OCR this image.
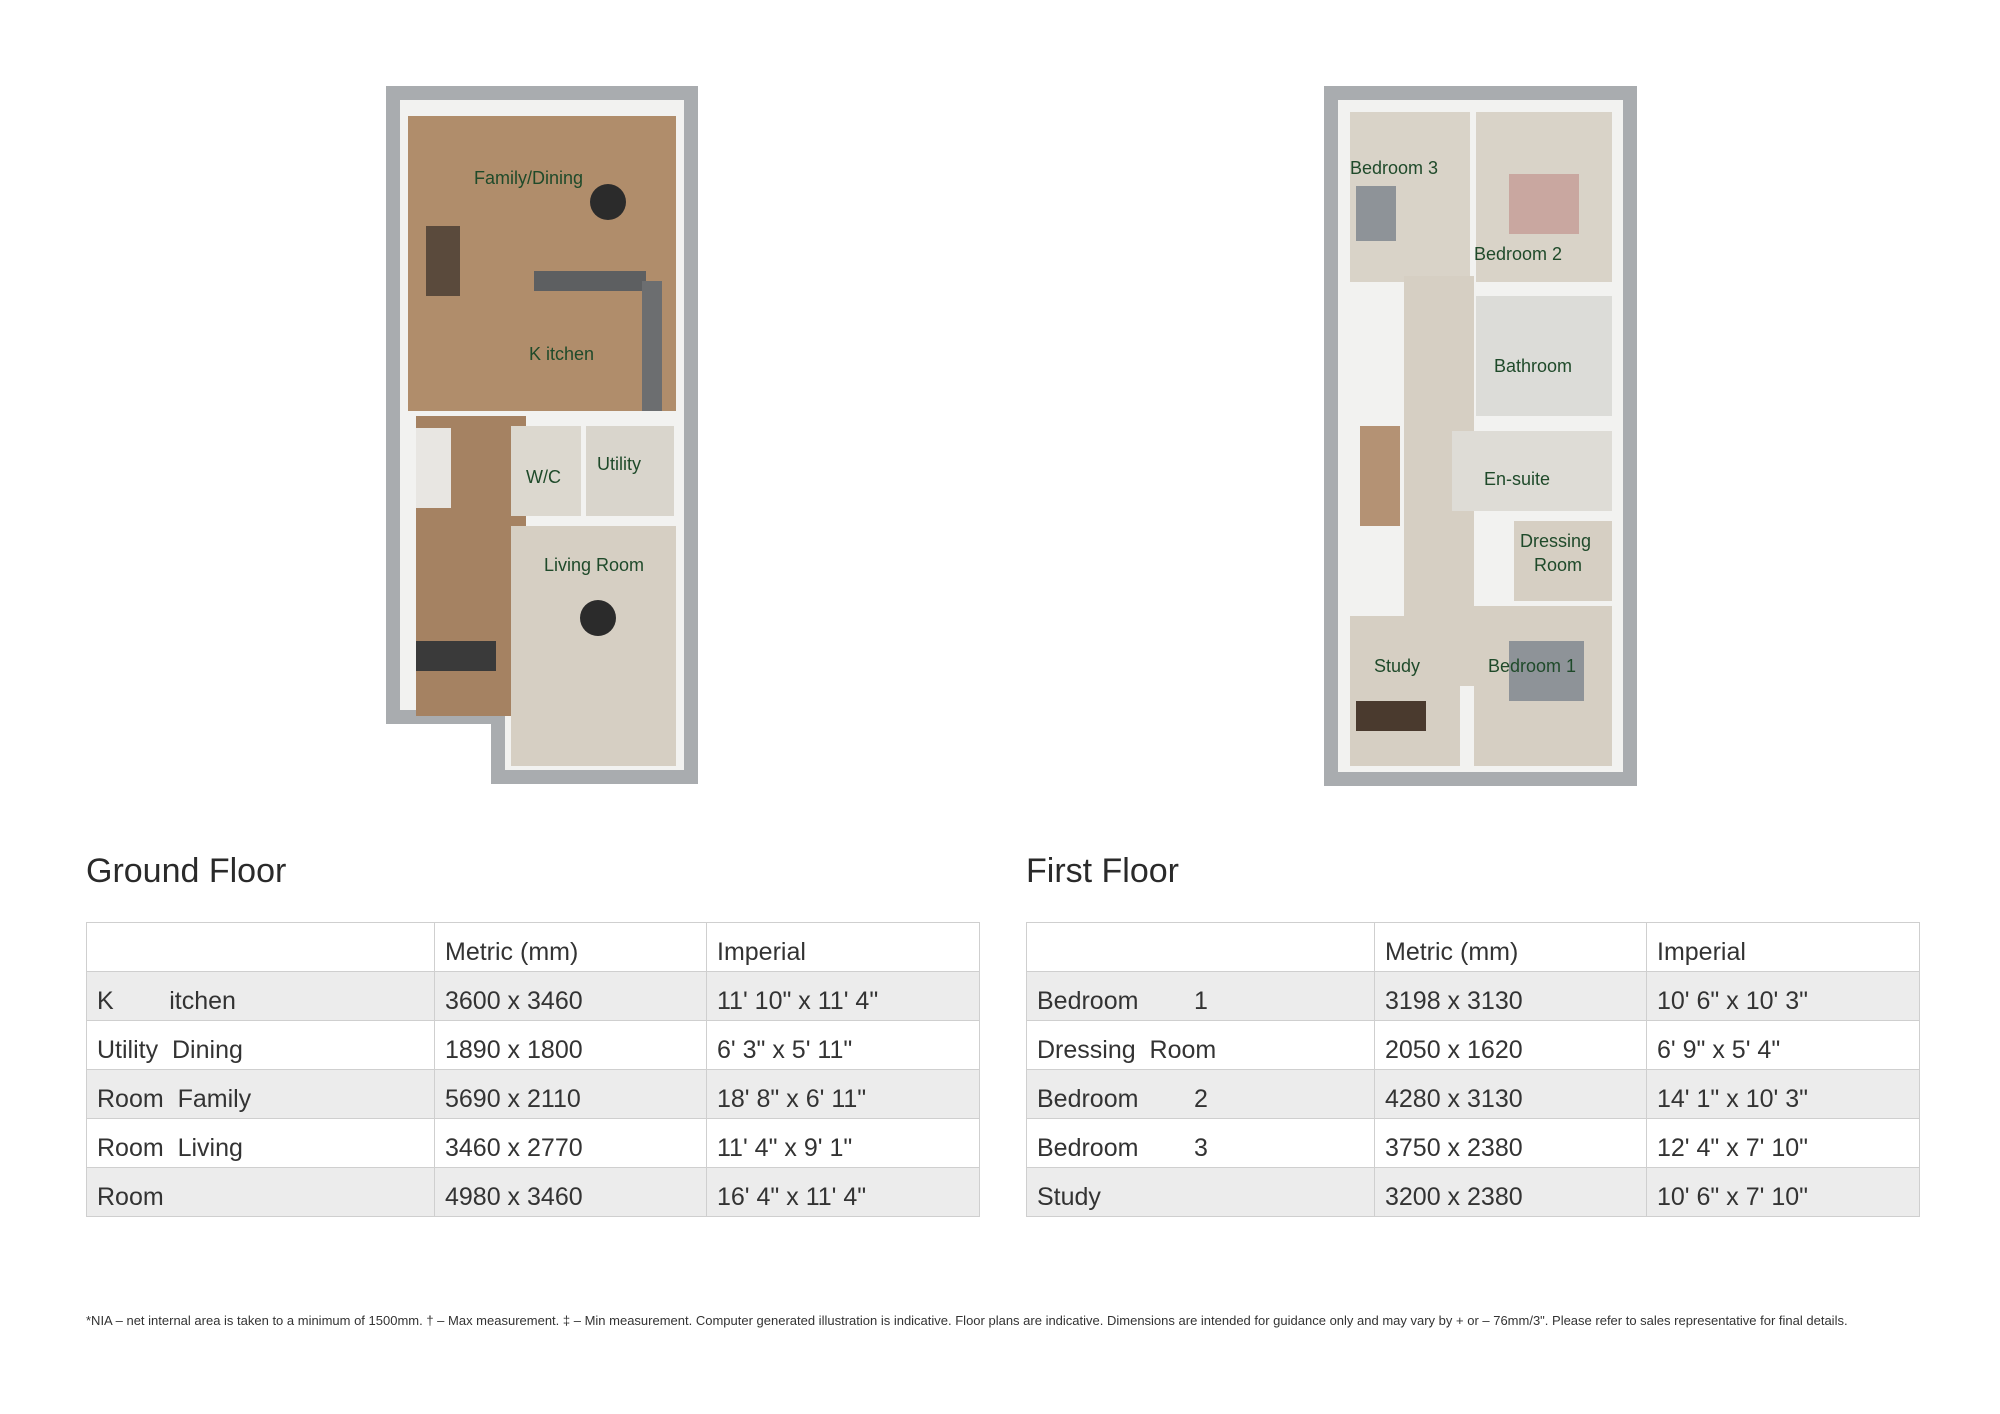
Family/Dining
K itchen
W/C
Utility
Living Room
Bedroom 3
Bedroom 2
Bathroom
En-suite
Dressing
Room
Study	Bedroom 1
Ground Floor	First Floor
	Metric (mm)	Imperial
K        itchen	3600 x 3460	11' 10" x 11' 4"
Utility  Dining	1890 x 1800	6' 3" x 5' 11"
Room  Family	5690 x 2110	18' 8" x 6' 11"
Room  Living	3460 x 2770	11' 4" x 9' 1"
Room	4980 x 3460	16' 4" x 11' 4"
	Metric (mm)	Imperial
Bedroom        1	3198 x 3130	10' 6" x 10' 3"
Dressing  Room	2050 x 1620	6' 9" x 5' 4"
Bedroom        2	4280 x 3130	14' 1" x 10' 3"
Bedroom        3	3750 x 2380	12' 4" x 7' 10"
Study	3200 x 2380	10' 6" x 7' 10"
*NIA – net internal area is taken to a minimum of 1500mm. † – Max measurement. ‡ – Min measurement. Computer generated illustration is indicative. Floor plans are indicative. Dimensions are intended for guidance only and may vary by + or – 76mm/3". Please refer to sales representative for final details.
